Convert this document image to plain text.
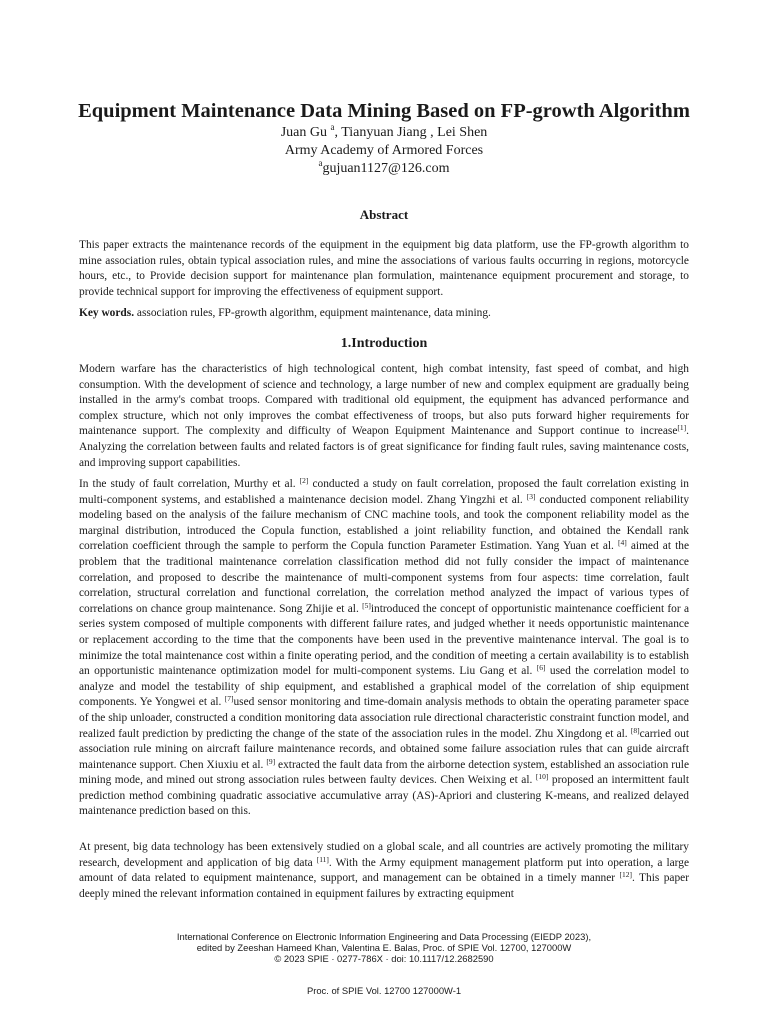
Equipment Maintenance Data Mining Based on FP-growth Algorithm
Juan Gu $^a$, Tianyuan Jiang , Lei Shen
Army Academy of Armored Forces
$^a$gujuan1127@126.com
Abstract
This paper extracts the maintenance records of the equipment in the equipment big data platform, use the FP-growth algorithm to mine association rules, obtain typical association rules, and mine the associations of various faults occurring in regions, motorcycle hours, etc., to Provide decision support for maintenance plan formulation, maintenance equipment procurement and storage, to provide technical support for improving the effectiveness of equipment support.
Key words. association rules, FP-growth algorithm, equipment maintenance, data mining.
1.Introduction
Modern warfare has the characteristics of high technological content, high combat intensity, fast speed of combat, and high consumption. With the development of science and technology, a large number of new and complex equipment are gradually being installed in the army's combat troops. Compared with traditional old equipment, the equipment has advanced performance and complex structure, which not only improves the combat effectiveness of troops, but also puts forward higher requirements for maintenance support. The complexity and difficulty of Weapon Equipment Maintenance and Support continue to increase[1]. Analyzing the correlation between faults and related factors is of great significance for finding fault rules, saving maintenance costs, and improving support capabilities.
In the study of fault correlation, Murthy et al. [2] conducted a study on fault correlation, proposed the fault correlation existing in multi-component systems, and established a maintenance decision model. Zhang Yingzhi et al. [3] conducted component reliability modeling based on the analysis of the failure mechanism of CNC machine tools, and took the component reliability model as the marginal distribution, introduced the Copula function, established a joint reliability function, and obtained the Kendall rank correlation coefficient through the sample to perform the Copula function Parameter Estimation. Yang Yuan et al. [4] aimed at the problem that the traditional maintenance correlation classification method did not fully consider the impact of maintenance correlation, and proposed to describe the maintenance of multi-component systems from four aspects: time correlation, fault correlation, structural correlation and functional correlation, the correlation method analyzed the impact of various types of correlations on chance group maintenance. Song Zhijie et al. [5]introduced the concept of opportunistic maintenance coefficient for a series system composed of multiple components with different failure rates, and judged whether it needs opportunistic maintenance or replacement according to the time that the components have been used in the preventive maintenance interval. The goal is to minimize the total maintenance cost within a finite operating period, and the condition of meeting a certain availability is to establish an opportunistic maintenance optimization model for multi-component systems. Liu Gang et al. [6] used the correlation model to analyze and model the testability of ship equipment, and established a graphical model of the correlation of ship equipment components. Ye Yongwei et al. [7]used sensor monitoring and time-domain analysis methods to obtain the operating parameter space of the ship unloader, constructed a condition monitoring data association rule directional characteristic constraint function model, and realized fault prediction by predicting the change of the state of the association rules in the model. Zhu Xingdong et al. [8]carried out association rule mining on aircraft failure maintenance records, and obtained some failure association rules that can guide aircraft maintenance support. Chen Xiuxiu et al. [9] extracted the fault data from the airborne detection system, established an association rule mining mode, and mined out strong association rules between faulty devices. Chen Weixing et al. [10] proposed an intermittent fault prediction method combining quadratic associative accumulative array (AS)-Apriori and clustering K-means, and realized delayed maintenance prediction based on this.
At present, big data technology has been extensively studied on a global scale, and all countries are actively promoting the military research, development and application of big data [11]. With the Army equipment management platform put into operation, a large amount of data related to equipment maintenance, support, and management can be obtained in a timely manner [12]. This paper deeply mined the relevant information contained in equipment failures by extracting equipment
International Conference on Electronic Information Engineering and Data Processing (EIEDP 2023),
edited by Zeeshan Hameed Khan, Valentina E. Balas, Proc. of SPIE Vol. 12700, 127000W
© 2023 SPIE · 0277-786X · doi: 10.1117/12.2682590
Proc. of SPIE Vol. 12700 127000W-1
